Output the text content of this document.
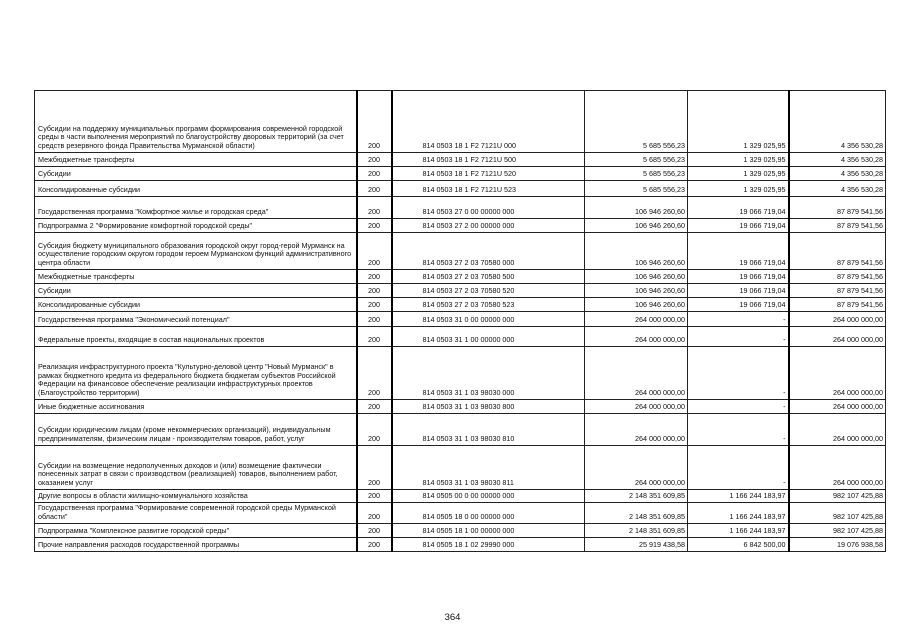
Субсидии на поддержку муниципальных программ формирования современной городской среды в части выполнения мероприятий по благоустройству дворовых территорий (за счет средств резервного фонда Правительства Мурманской области)	200	814 0503 18 1 F2 7121U 000	5 685 556,23	1 329 025,95	4 356 530,28
Межбюджетные трансферты	200	814 0503 18 1 F2 7121U 500	5 685 556,23	1 329 025,95	4 356 530,28
Субсидии	200	814 0503 18 1 F2 7121U 520	5 685 556,23	1 329 025,95	4 356 530,28
Консолидированные субсидии	200	814 0503 18 1 F2 7121U 523	5 685 556,23	1 329 025,95	4 356 530,28
Государственная программа "Комфортное жилье и городская среда"	200	814 0503 27 0 00 00000 000	106 946 260,60	19 066 719,04	87 879 541,56
Подпрограмма 2 "Формирование комфортной городской среды"	200	814 0503 27 2 00 00000 000	106 946 260,60	19 066 719,04	87 879 541,56
Субсидия бюджету муниципального образования городской округ город-герой Мурманск на осуществление городским округом городом героем Мурманском функций административного центра области	200	814 0503 27 2 03 70580 000	106 946 260,60	19 066 719,04	87 879 541,56
Межбюджетные трансферты	200	814 0503 27 2 03 70580 500	106 946 260,60	19 066 719,04	87 879 541,56
Субсидии	200	814 0503 27 2 03 70580 520	106 946 260,60	19 066 719,04	87 879 541,56
Консолидированные субсидии	200	814 0503 27 2 03 70580 523	106 946 260,60	19 066 719,04	87 879 541,56
Государственная программа "Экономический потенциал"	200	814 0503 31 0 00 00000 000	264 000 000,00	-	264 000 000,00
Федеральные проекты, входящие в состав национальных проектов	200	814 0503 31 1 00 00000 000	264 000 000,00	-	264 000 000,00
Реализация инфраструктурного проекта "Культурно-деловой центр "Новый Мурманск" в рамках бюджетного кредита из федерального бюджета бюджетам субъектов Российской Федерации на финансовое обеспечение реализации инфраструктурных проектов (Благоустройство территории)	200	814 0503 31 1 03 98030 000	264 000 000,00	-	264 000 000,00
Иные бюджетные ассигнования	200	814 0503 31 1 03 98030 800	264 000 000,00	-	264 000 000,00
Субсидии юридическим лицам (кроме некоммерческих организаций), индивидуальным предпринимателям, физическим лицам - производителям товаров, работ, услуг	200	814 0503 31 1 03 98030 810	264 000 000,00	-	264 000 000,00
Субсидии на возмещение недополученных доходов и (или) возмещение фактически понесенных затрат в связи с производством (реализацией) товаров, выполнением работ, оказанием услуг	200	814 0503 31 1 03 98030 811	264 000 000,00	-	264 000 000,00
Другие вопросы в области жилищно-коммунального хозяйства	200	814 0505 00 0 00 00000 000	2 148 351 609,85	1 166 244 183,97	982 107 425,88
Государственная программа "Формирование современной городской среды Мурманской области"	200	814 0505 18 0 00 00000 000	2 148 351 609,85	1 166 244 183,97	982 107 425,88
Подпрограмма "Комплексное развитие городской среды"	200	814 0505 18 1 00 00000 000	2 148 351 609,85	1 166 244 183,97	982 107 425,88
Прочие направления расходов государственной программы	200	814 0505 18 1 02 29990 000	25 919 438,58	6 842 500,00	19 076 938,58
364
